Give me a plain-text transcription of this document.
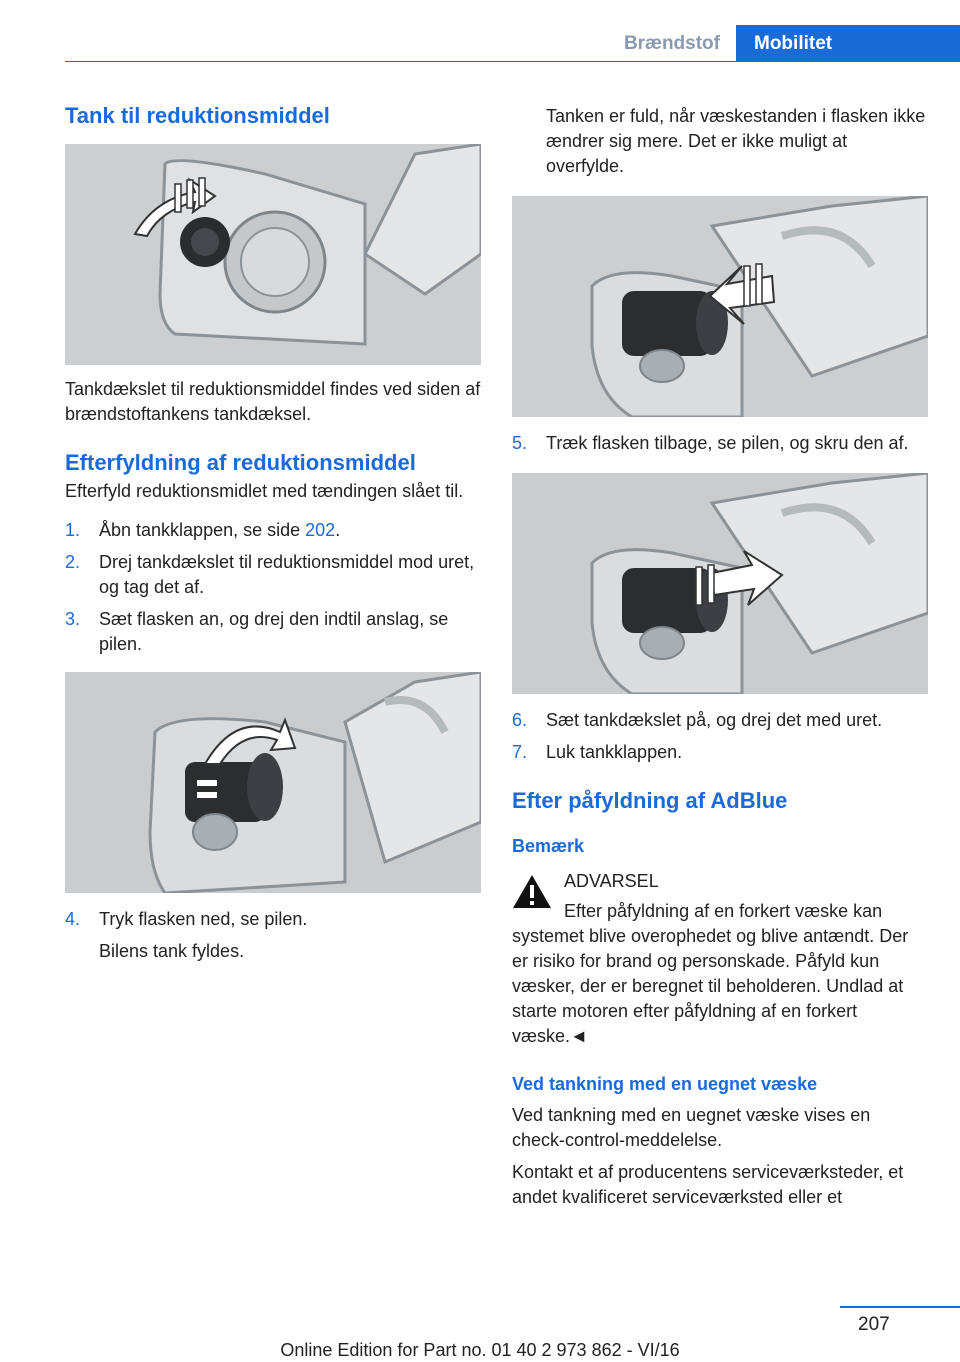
Brændstof	Mobilitet
Tank til reduktionsmiddel

Tankdækslet til reduktionsmiddel findes ved siden af brændstoftankens tankdæksel.

Efterfyldning af reduktionsmiddel

Efterfyld reduktionsmidlet med tændingen slået til.

1.	Åbn tankklappen, se side 202.
2.	Drej tankdækslet til reduktionsmiddel mod uret, og tag det af.
3.	Sæt flasken an, og drej den indtil anslag, se pilen.
4.	Tryk flasken ned, se pilen.

Bilens tank fyldes.

Tanken er fuld, når væskestanden i flasken ikke ændrer sig mere. Det er ikke muligt at overfylde.

5.	Træk flasken tilbage, se pilen, og skru den af.
6.	Sæt tankdækslet på, og drej det med uret.
7.	Luk tankklappen.
Efter påfyldning af AdBlue
Bemærk

ADVARSEL

Efter påfyldning af en forkert væske kan

systemet blive overophedet og blive antændt. Der er risiko for brand og personskade. Påfyld kun væsker, der er beregnet til beholderen. Undlad at starte motoren efter påfyldning af en forkert væske.◄

Ved tankning med en uegnet væske

Ved tankning med en uegnet væske vises en check-control-meddelelse.

Kontakt et af producentens serviceværksteder, et andet kvalificeret serviceværksted eller et

207
Online Edition for Part no. 01 40 2 973 862 - VI/16
